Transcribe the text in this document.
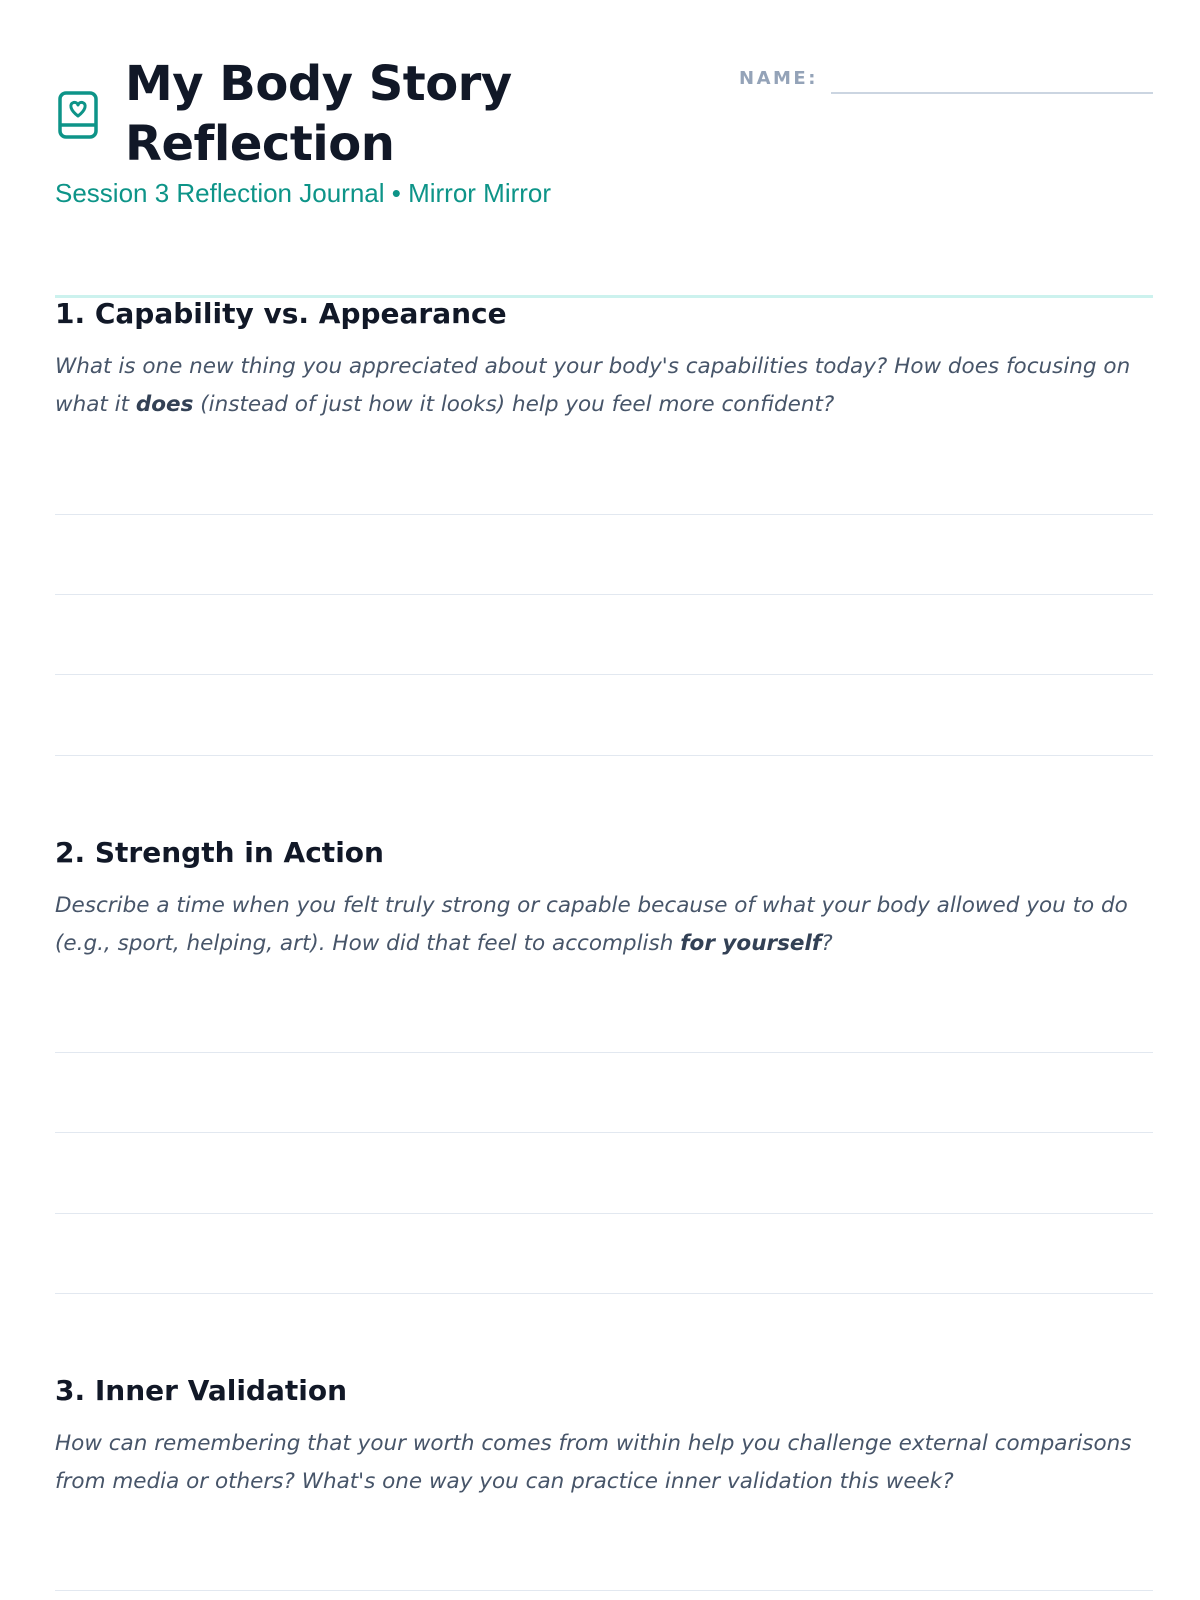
My Body Story Reflection
Session 3 Reflection Journal • Mirror Mirror
NAME:
1. Capability vs. Appearance

What is one new thing you appreciated about your body's capabilities today? How does focusing on what it does (instead of just how it looks) help you feel more confident?

2. Strength in Action

Describe a time when you felt truly strong or capable because of what your body allowed you to do (e.g., sport, helping, art). How did that feel to accomplish for yourself?

3. Inner Validation

How can remembering that your worth comes from within help you challenge external comparisons from media or others? What's one way you can practice inner validation this week?
